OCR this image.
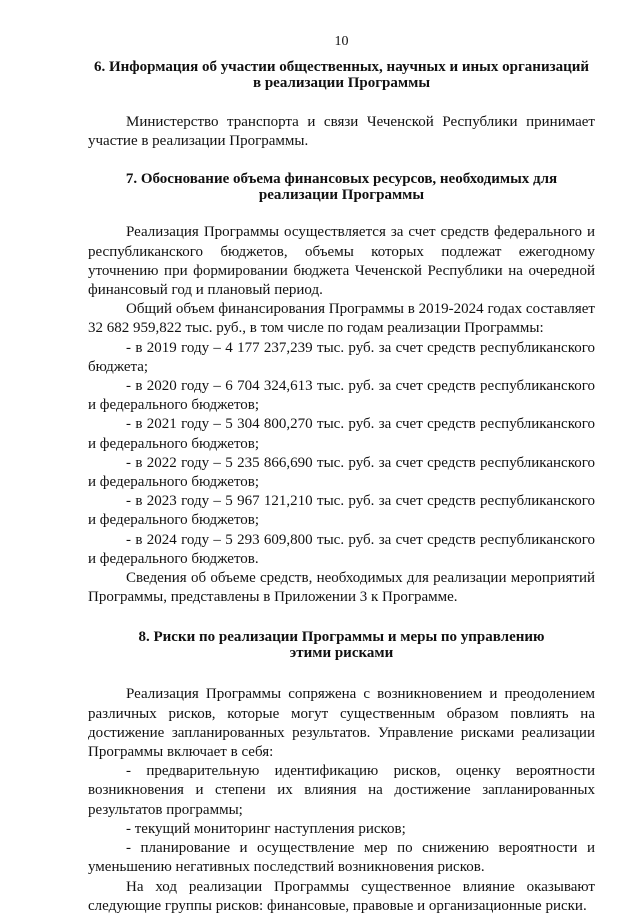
10

6. Информация об участии общественных, научных и иных организаций

в реализации Программы

Министерство транспорта и связи Чеченской Республики принимает участие в реализации Программы.

7. Обоснование объема финансовых ресурсов, необходимых для

реализации Программы

Реализация Программы осуществляется за счет средств федерального и республиканского бюджетов, объемы которых подлежат ежегодному уточнению при формировании бюджета Чеченской Республики на очередной финансовый год и плановый период.

Общий объем финансирования Программы в 2019-2024 годах составляет 32 682 959,822 тыс. руб., в том числе по годам реализации Программы:

- в 2019 году – 4 177 237,239 тыс. руб. за счет средств республиканского бюджета;
- в 2020 году – 6 704 324,613 тыс. руб. за счет средств республиканского и федерального бюджетов;
- в 2021 году – 5 304 800,270 тыс. руб. за счет средств республиканского и федерального бюджетов;
- в 2022 году – 5 235 866,690 тыс. руб. за счет средств республиканского и федерального бюджетов;
- в 2023 году – 5 967 121,210 тыс. руб. за счет средств республиканского и федерального бюджетов;
- в 2024 году – 5 293 609,800 тыс. руб. за счет средств республиканского и федерального бюджетов.

Сведения об объеме средств, необходимых для реализации мероприятий Программы, представлены в Приложении 3 к Программе.

8. Риски по реализации Программы и меры по управлению

этими рисками

Реализация Программы сопряжена с возникновением и преодолением различных рисков, которые могут существенным образом повлиять на достижение запланированных результатов. Управление рисками реализации Программы включает в себя:

- предварительную идентификацию рисков, оценку вероятности возникновения и степени их влияния на достижение запланированных результатов программы;
- текущий мониторинг наступления рисков;
- планирование и осуществление мер по снижению вероятности и уменьшению негативных последствий возникновения рисков.

На ход реализации Программы существенное влияние оказывают следующие группы рисков: финансовые, правовые и организационные риски.
